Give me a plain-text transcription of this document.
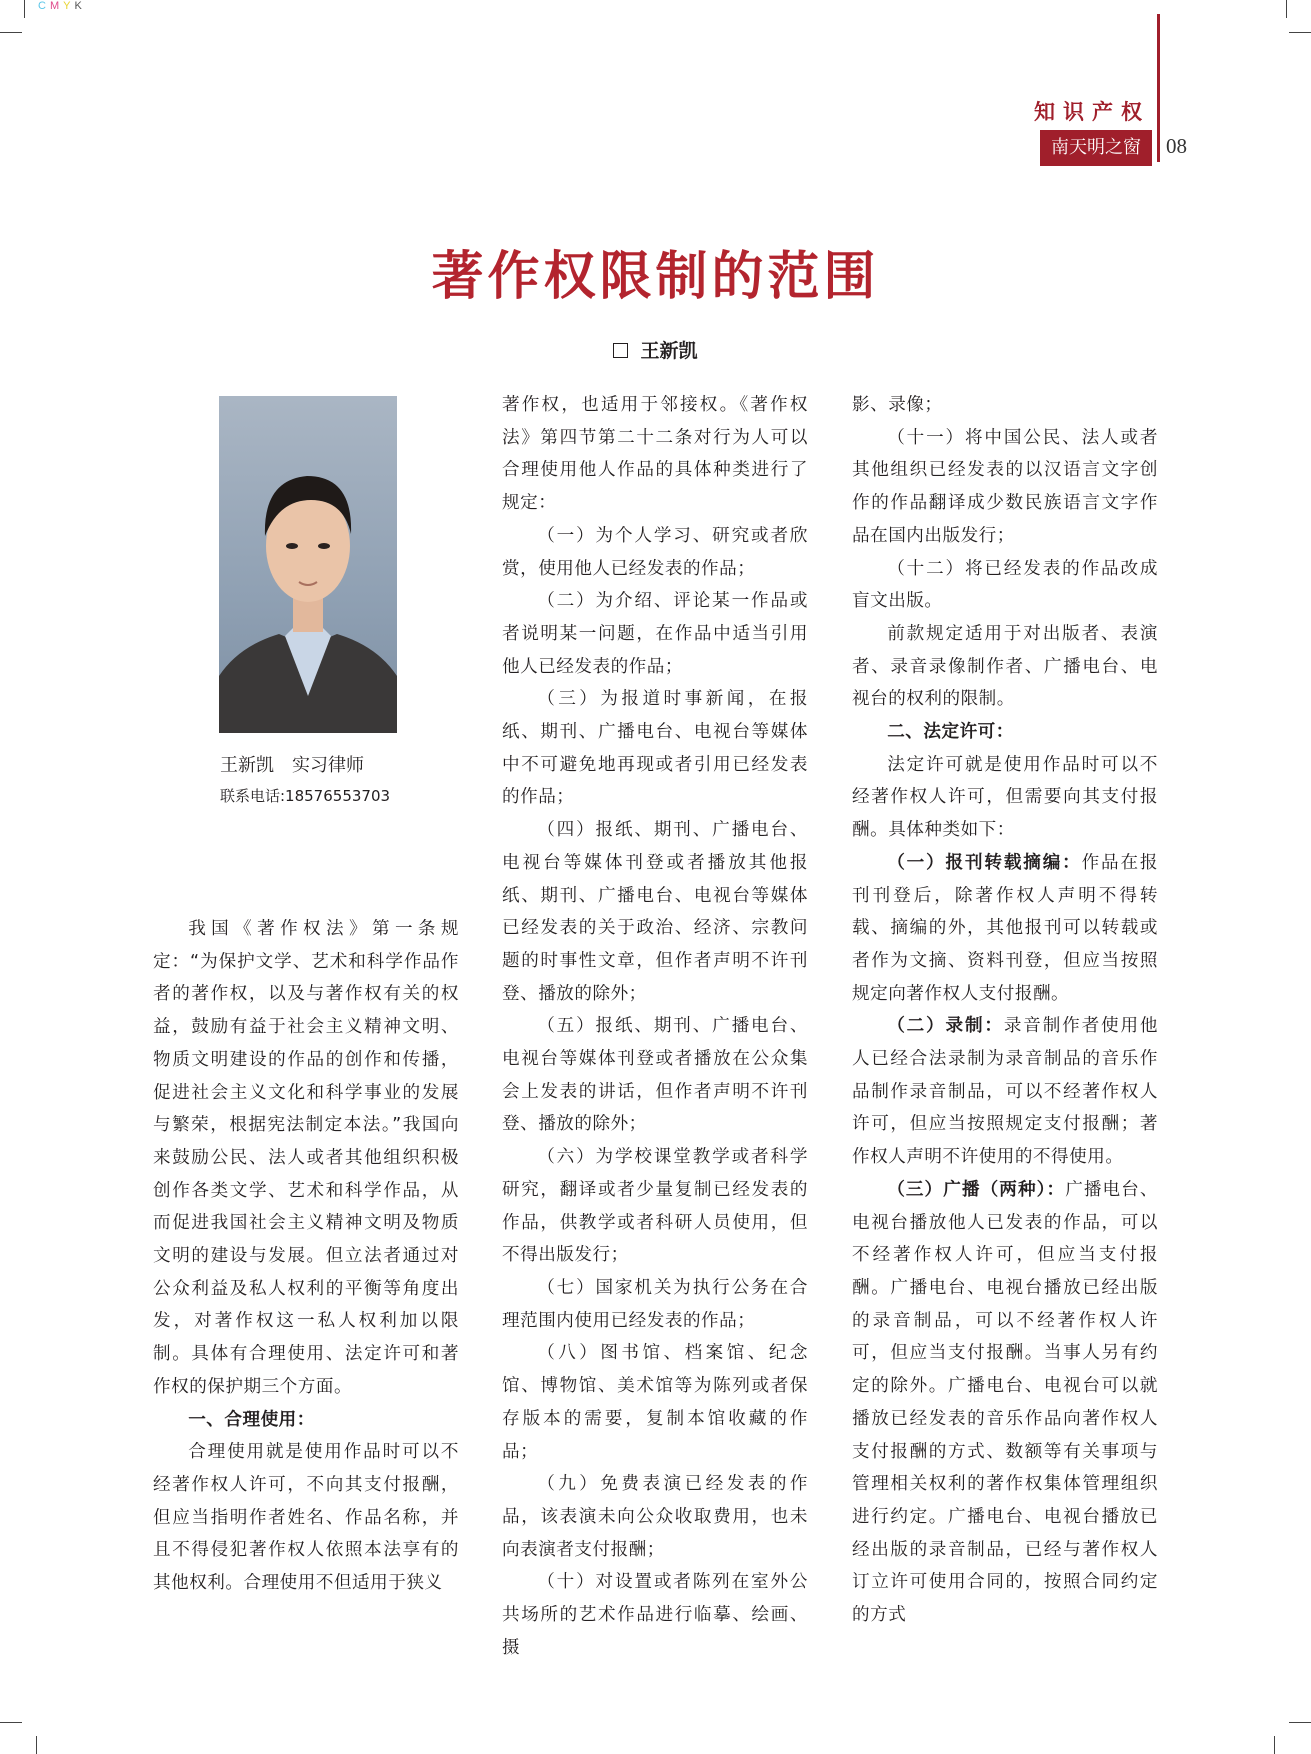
CMYK
知识产权
南天明之窗	08
著作权限制的范围
王新凯
王新凯　实习律师
联系电话:18576553703

我国《著作权法》第一条规定：“为保护文学、艺术和科学作品作者的著作权，以及与著作权有关的权益，鼓励有益于社会主义精神文明、物质文明建设的作品的创作和传播，促进社会主义文化和科学事业的发展与繁荣，根据宪法制定本法。”我国向来鼓励公民、法人或者其他组织积极创作各类文学、艺术和科学作品，从而促进我国社会主义精神文明及物质文明的建设与发展。但立法者通过对公众利益及私人权利的平衡等角度出发，对著作权这一私人权利加以限制。具体有合理使用、法定许可和著作权的保护期三个方面。

一、合理使用：

合理使用就是使用作品时可以不经著作权人许可，不向其支付报酬，但应当指明作者姓名、作品名称，并且不得侵犯著作权人依照本法享有的其他权利。合理使用不但适用于狭义

著作权，也适用于邻接权。《著作权法》第四节第二十二条对行为人可以合理使用他人作品的具体种类进行了规定：

（一）为个人学习、研究或者欣赏，使用他人已经发表的作品；

（二）为介绍、评论某一作品或者说明某一问题，在作品中适当引用他人已经发表的作品；

（三）为报道时事新闻，在报纸、期刊、广播电台、电视台等媒体中不可避免地再现或者引用已经发表的作品；

（四）报纸、期刊、广播电台、电视台等媒体刊登或者播放其他报纸、期刊、广播电台、电视台等媒体已经发表的关于政治、经济、宗教问题的时事性文章，但作者声明不许刊登、播放的除外；

（五）报纸、期刊、广播电台、电视台等媒体刊登或者播放在公众集会上发表的讲话，但作者声明不许刊登、播放的除外；

（六）为学校课堂教学或者科学研究，翻译或者少量复制已经发表的作品，供教学或者科研人员使用，但不得出版发行；

（七）国家机关为执行公务在合理范围内使用已经发表的作品；

（八）图书馆、档案馆、纪念馆、博物馆、美术馆等为陈列或者保存版本的需要，复制本馆收藏的作品；

（九）免费表演已经发表的作品，该表演未向公众收取费用，也未向表演者支付报酬；

（十）对设置或者陈列在室外公共场所的艺术作品进行临摹、绘画、摄

影、录像；

（十一）将中国公民、法人或者其他组织已经发表的以汉语言文字创作的作品翻译成少数民族语言文字作品在国内出版发行；

（十二）将已经发表的作品改成盲文出版。

前款规定适用于对出版者、表演者、录音录像制作者、广播电台、电视台的权利的限制。

二、法定许可：

法定许可就是使用作品时可以不经著作权人许可，但需要向其支付报酬。具体种类如下：

（一）报刊转载摘编：作品在报刊刊登后，除著作权人声明不得转载、摘编的外，其他报刊可以转载或者作为文摘、资料刊登，但应当按照规定向著作权人支付报酬。

（二）录制：录音制作者使用他人已经合法录制为录音制品的音乐作品制作录音制品，可以不经著作权人许可，但应当按照规定支付报酬；著作权人声明不许使用的不得使用。

（三）广播（两种）：广播电台、电视台播放他人已发表的作品，可以不经著作权人许可，但应当支付报酬。广播电台、电视台播放已经出版的录音制品，可以不经著作权人许可，但应当支付报酬。当事人另有约定的除外。广播电台、电视台可以就播放已经发表的音乐作品向著作权人支付报酬的方式、数额等有关事项与管理相关权利的著作权集体管理组织进行约定。广播电台、电视台播放已经出版的录音制品，已经与著作权人订立许可使用合同的，按照合同约定的方式
